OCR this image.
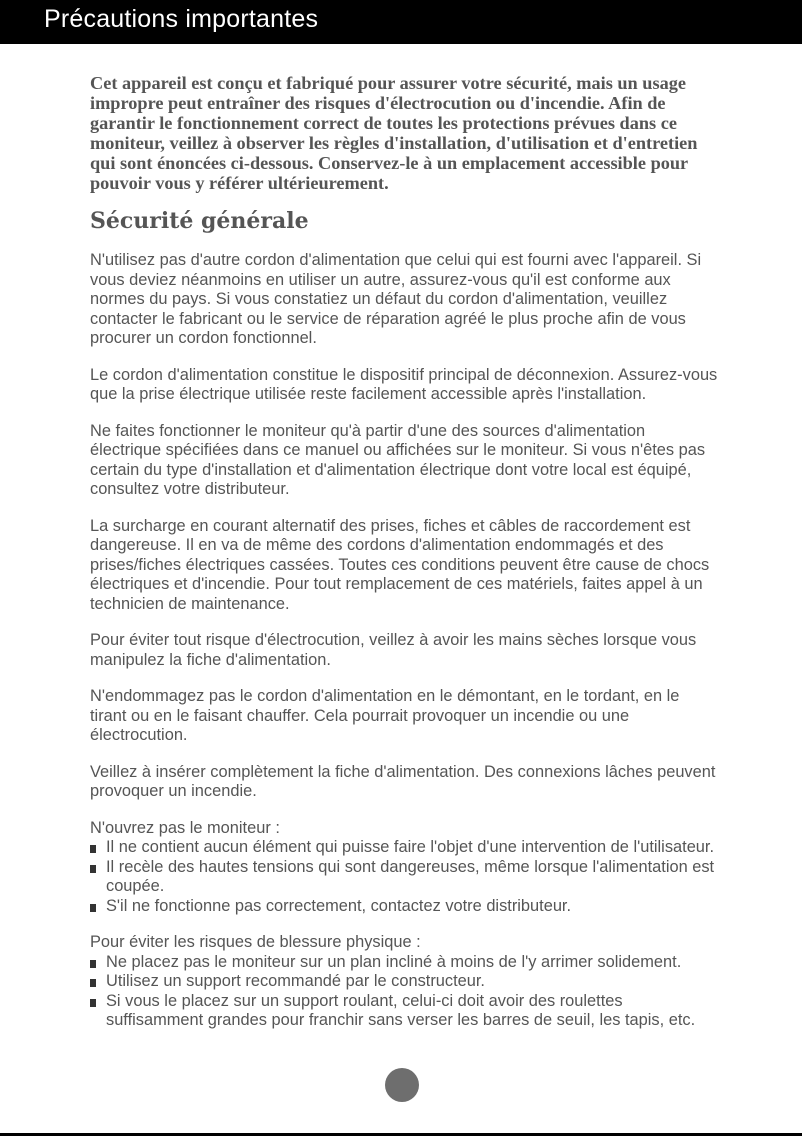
Précautions importantes

Cet appareil est conçu et fabriqué pour assurer votre sécurité, mais un usage impropre peut entraîner des risques d'électrocution ou d'incendie. Afin de garantir le fonctionnement correct de toutes les protections prévues dans ce moniteur, veillez à observer les règles d'installation, d'utilisation et d'entretien qui sont énoncées ci-dessous. Conservez-le à un emplacement accessible pour pouvoir vous y référer ultérieurement.

Sécurité générale

N'utilisez pas d'autre cordon d'alimentation que celui qui est fourni avec l'appareil. Si vous deviez néanmoins en utiliser un autre, assurez-vous qu'il est conforme aux normes du pays. Si vous constatiez un défaut du cordon d'alimentation, veuillez contacter le fabricant ou le service de réparation agréé le plus proche afin de vous procurer un cordon fonctionnel.

Le cordon d'alimentation constitue le dispositif principal de déconnexion. Assurez-vous que la prise électrique utilisée reste facilement accessible après l'installation.

Ne faites fonctionner le moniteur qu'à partir d'une des sources d'alimentation électrique spécifiées dans ce manuel ou affichées sur le moniteur. Si vous n'êtes pas certain du type d'installation et d'alimentation électrique dont votre local est équipé, consultez votre distributeur.

La surcharge en courant alternatif des prises, fiches et câbles de raccordement est dangereuse. Il en va de même des cordons d'alimentation endommagés et des prises/fiches électriques cassées. Toutes ces conditions peuvent être cause de chocs électriques et d'incendie. Pour tout remplacement de ces matériels, faites appel à un technicien de maintenance.

Pour éviter tout risque d'électrocution, veillez à avoir les mains sèches lorsque vous manipulez la fiche d'alimentation.

N'endommagez pas le cordon d'alimentation en le démontant, en le tordant, en le tirant ou en le faisant chauffer. Cela pourrait provoquer un incendie ou une électrocution.

Veillez à insérer complètement la fiche d'alimentation. Des connexions lâches peuvent provoquer un incendie.

N'ouvrez pas le moniteur :
Il ne contient aucun élément qui puisse faire l'objet d'une intervention de l'utilisateur.
Il recèle des hautes tensions qui sont dangereuses, même lorsque l'alimentation est coupée.
S'il ne fonctionne pas correctement, contactez votre distributeur.
Pour éviter les risques de blessure physique :
Ne placez pas le moniteur sur un plan incliné à moins de l'y arrimer solidement.
Utilisez un support recommandé par le constructeur.
Si vous le placez sur un support roulant, celui-ci doit avoir des roulettes suffisamment grandes pour franchir sans verser les barres de seuil, les tapis, etc.
